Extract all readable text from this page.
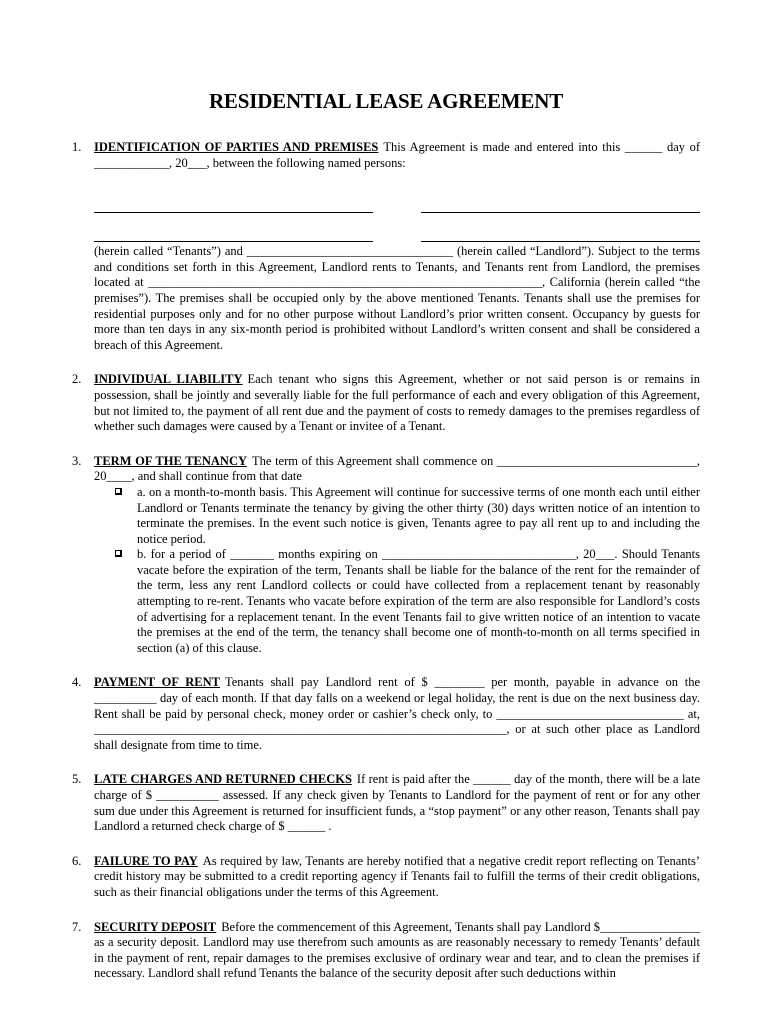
RESIDENTIAL LEASE AGREEMENT
1.	IDENTIFICATION OF PARTIES AND PREMISES This Agreement is made and entered into this ______ day of ____________, 20___, between the following named persons:

(herein called “Tenants”) and _________________________________ (herein called “Landlord”). Subject to the terms and conditions set forth in this Agreement, Landlord rents to Tenants, and Tenants rent from Landlord, the premises located at _______________________________________________________________, California (herein called “the premises”). The premises shall be occupied only by the above mentioned Tenants. Tenants shall use the premises for residential purposes only and for no other purpose without Landlord’s prior written consent. Occupancy by guests for more than ten days in any six-month period is prohibited without Landlord’s written consent and shall be considered a breach of this Agreement.

2.	INDIVIDUAL LIABILITY Each tenant who signs this Agreement, whether or not said person is or remains in possession, shall be jointly and severally liable for the full performance of each and every obligation of this Agreement, but not limited to, the payment of all rent due and the payment of costs to remedy damages to the premises regardless of whether such damages were caused by a Tenant or invitee of a Tenant.

3.	TERM OF THE TENANCY The term of this Agreement shall commence on ________________________________, 20____, and shall continue from that date

a. on a month-to-month basis. This Agreement will continue for successive terms of one month each until either Landlord or Tenants terminate the tenancy by giving the other thirty (30) days written notice of an intention to terminate the premises. In the event such notice is given, Tenants agree to pay all rent up to and including the notice period.
b. for a period of _______ months expiring on _______________________________, 20___. Should Tenants vacate before the expiration of the term, Tenants shall be liable for the balance of the rent for the remainder of the term, less any rent Landlord collects or could have collected from a replacement tenant by reasonably attempting to re-rent. Tenants who vacate before expiration of the term are also responsible for Landlord’s costs of advertising for a replacement tenant. In the event Tenants fail to give written notice of an intention to vacate the premises at the end of the term, the tenancy shall become one of month-to-month on all terms specified in section (a) of this clause.
4.	PAYMENT OF RENT Tenants shall pay Landlord rent of $ ________ per month, payable in advance on the __________ day of each month. If that day falls on a weekend or legal holiday, the rent is due on the next business day. Rent shall be paid by personal check, money order or cashier’s check only, to ______________________________ at, __________________________________________________________________, or at such other place as Landlord shall designate from time to time.

5.	LATE CHARGES AND RETURNED CHECKS If rent is paid after the ______ day of the month, there will be a late charge of $ __________ assessed. If any check given by Tenants to Landlord for the payment of rent or for any other sum due under this Agreement is returned for insufficient funds, a “stop payment” or any other reason, Tenants shall pay Landlord a returned check charge of $ ______ .

6.	FAILURE TO PAY As required by law, Tenants are hereby notified that a negative credit report reflecting on Tenants’ credit history may be submitted to a credit reporting agency if Tenants fail to fulfill the terms of their credit obligations, such as their financial obligations under the terms of this Agreement.

7.	SECURITY DEPOSIT Before the commencement of this Agreement, Tenants shall pay Landlord $________________ as a security deposit. Landlord may use therefrom such amounts as are reasonably necessary to remedy Tenants’ default in the payment of rent, repair damages to the premises exclusive of ordinary wear and tear, and to clean the premises if necessary. Landlord shall refund Tenants the balance of the security deposit after such deductions within
